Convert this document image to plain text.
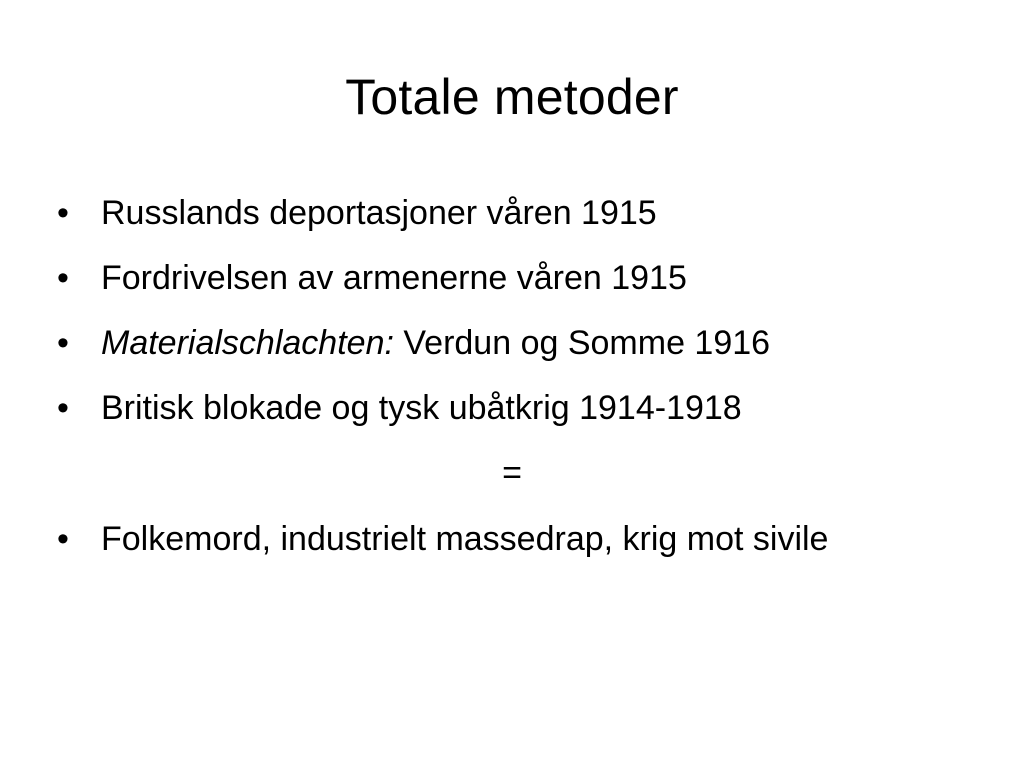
Totale metoder
• Russlands deportasjoner våren 1915
• Fordrivelsen av armenerne våren 1915
• Materialschlachten: Verdun og Somme 1916
• Britisk blokade og tysk ubåtkrig 1914-1918
=
• Folkemord, industrielt massedrap, krig mot sivile
